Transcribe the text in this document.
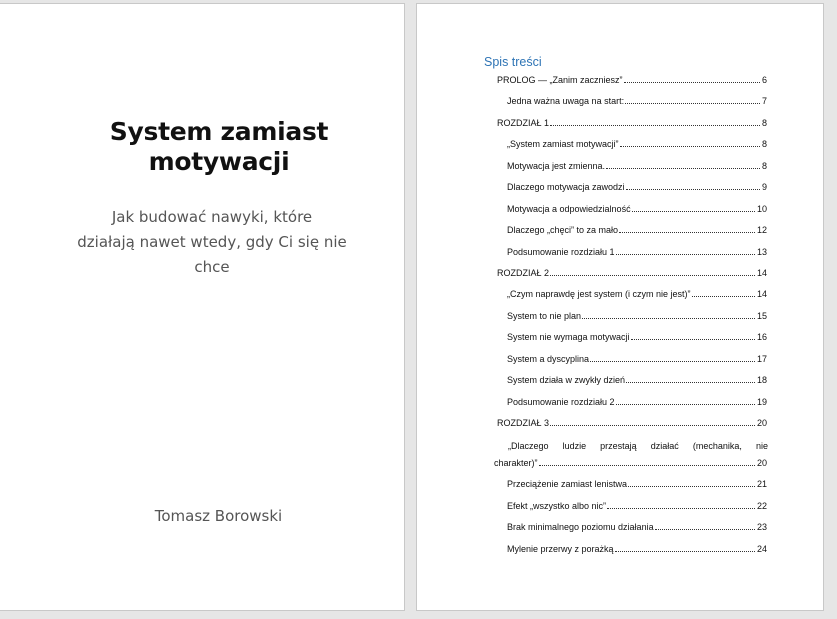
System zamiast
motywacji
Jak budować nawyki, które
działają nawet wtedy, gdy Ci się nie
chce
Tomasz Borowski
Spis treści
PROLOG — „Zanim zaczniesz”	6
Jedna ważna uwaga na start:	7
ROZDZIAŁ 1	8
„System zamiast motywacji”	8
Motywacja jest zmienna.	8
Dlaczego motywacja zawodzi	9
Motywacja a odpowiedzialność	10
Dlaczego „chęci” to za mało	12
Podsumowanie rozdziału 1	13
ROZDZIAŁ 2	14
„Czym naprawdę jest system (i czym nie jest)”	14
System to nie plan	15
System nie wymaga motywacji	16
System a dyscyplina	17
System działa w zwykły dzień	18
Podsumowanie rozdziału 2	19
ROZDZIAŁ 3	20
„Dlaczego ludzie przestają działać (mechanika, nie
charakter)”	20
Przeciążenie zamiast lenistwa	21
Efekt „wszystko albo nic”	22
Brak minimalnego poziomu działania	23
Mylenie przerwy z porażką	24
